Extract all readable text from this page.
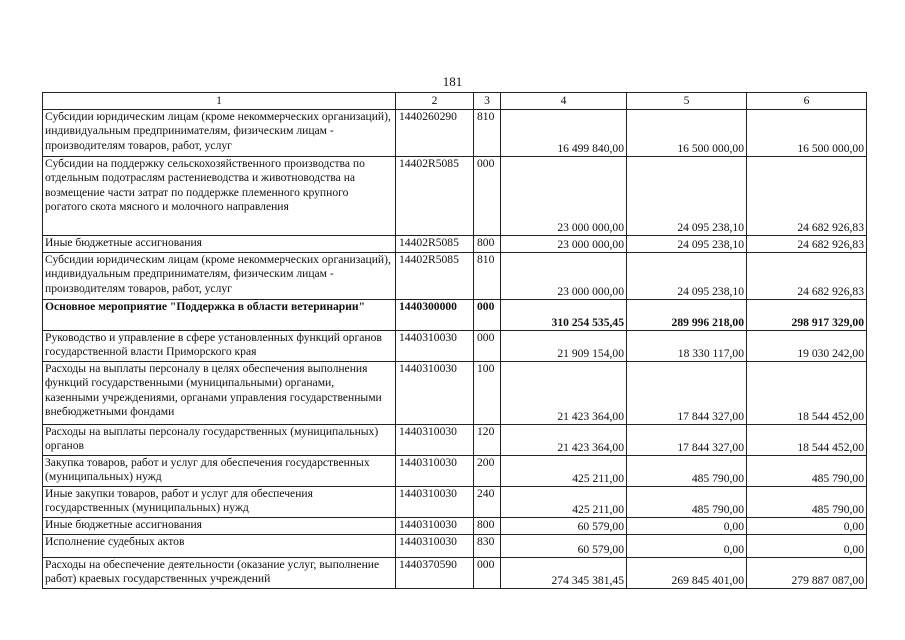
181
1	2	3	4	5	6
Субсидии юридическим лицам (кроме некоммерческих организаций), индивидуальным предпринимателям, физическим лицам - производителям товаров, работ, услуг	1440260290	810	16 499 840,00	16 500 000,00	16 500 000,00
Субсидии на поддержку сельскохозяйственного производства по отдельным подотраслям растениеводства и животноводства на возмещение части затрат по поддержке племенного крупного рогатого скота мясного и молочного направления	14402R5085	000	23 000 000,00	24 095 238,10	24 682 926,83
Иные бюджетные ассигнования	14402R5085	800	23 000 000,00	24 095 238,10	24 682 926,83
Субсидии юридическим лицам (кроме некоммерческих организаций), индивидуальным предпринимателям, физическим лицам - производителям товаров, работ, услуг	14402R5085	810	23 000 000,00	24 095 238,10	24 682 926,83
Основное мероприятие "Поддержка в области ветеринарии"	1440300000	000	310 254 535,45	289 996 218,00	298 917 329,00
Руководство и управление в сфере установленных функций органов государственной власти Приморского края	1440310030	000	21 909 154,00	18 330 117,00	19 030 242,00
Расходы на выплаты персоналу в целях обеспечения выполнения функций государственными (муниципальными) органами, казенными учреждениями, органами управления государственными внебюджетными фондами	1440310030	100	21 423 364,00	17 844 327,00	18 544 452,00
Расходы на выплаты персоналу государственных (муниципальных) органов	1440310030	120	21 423 364,00	17 844 327,00	18 544 452,00
Закупка товаров, работ и услуг для обеспечения государственных (муниципальных) нужд	1440310030	200	425 211,00	485 790,00	485 790,00
Иные закупки товаров, работ и услуг для обеспечения государственных (муниципальных) нужд	1440310030	240	425 211,00	485 790,00	485 790,00
Иные бюджетные ассигнования	1440310030	800	60 579,00	0,00	0,00
Исполнение судебных актов	1440310030	830	60 579,00	0,00	0,00
Расходы на обеспечение деятельности (оказание услуг, выполнение работ) краевых государственных учреждений	1440370590	000	274 345 381,45	269 845 401,00	279 887 087,00
